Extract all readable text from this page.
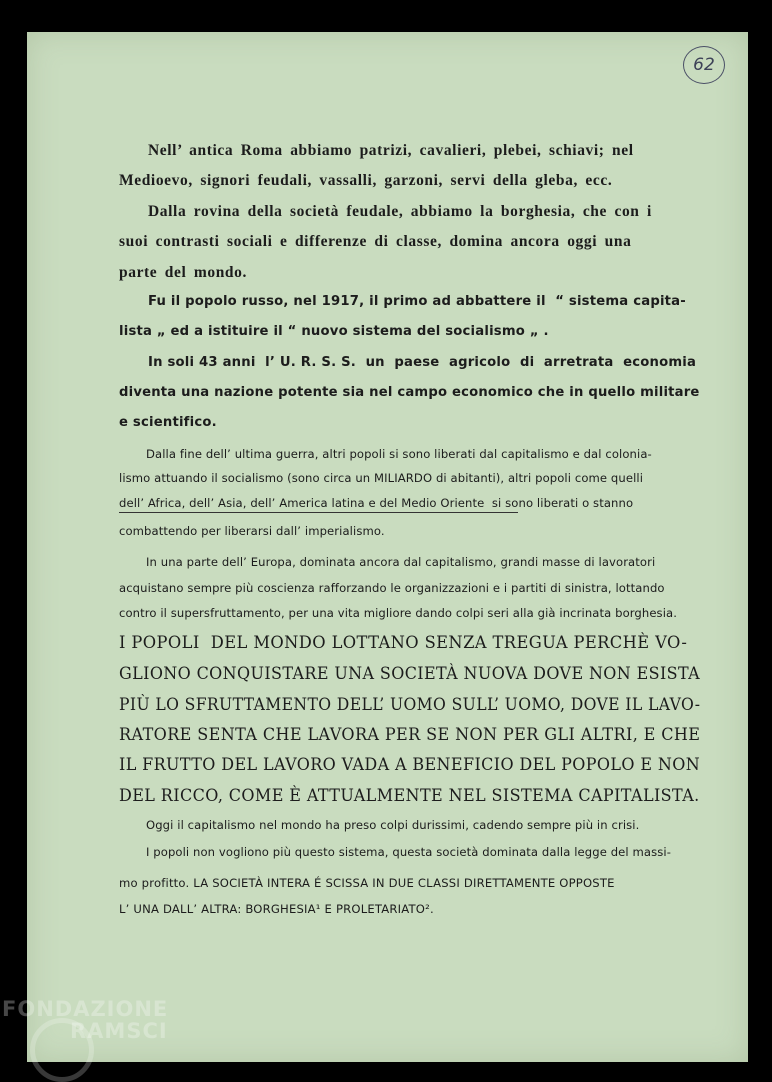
62
Nell’ antica Roma abbiamo patrizi, cavalieri, plebei, schiavi; nel
Medioevo, signori feudali, vassalli, garzoni, servi della gleba, ecc.
Dalla rovina della società feudale, abbiamo la borghesia, che con i
suoi contrasti sociali e differenze di classe, domina ancora oggi una
parte del mondo.
Fu il popolo russo, nel 1917, il primo ad abbattere il  “ sistema capita-
lista „ ed a istituire il “ nuovo sistema del socialismo „ .
In soli 43 anni  l’ U. R. S. S.  un  paese  agricolo  di  arretrata  economia
diventa una nazione potente sia nel campo economico che in quello militare
e scientifico.
Dalla fine dell’ ultima guerra, altri popoli si sono liberati dal capitalismo e dal colonia-
lismo attuando il socialismo (sono circa un MILIARDO di abitanti), altri popoli come quelli
dell’ Africa, dell’ Asia, dell’ America latina e del Medio Oriente  si sono liberati o stanno
combattendo per liberarsi dall’ imperialismo.
In una parte dell’ Europa, dominata ancora dal capitalismo, grandi masse di lavoratori
acquistano sempre più coscienza rafforzando le organizzazioni e i partiti di sinistra, lottando
contro il supersfruttamento, per una vita migliore dando colpi seri alla già incrinata borghesia.
I POPOLI  DEL MONDO LOTTANO SENZA TREGUA PERCHÈ VO-
GLIONO CONQUISTARE UNA SOCIETÀ NUOVA DOVE NON ESISTA
PIÙ LO SFRUTTAMENTO DELL’ UOMO SULL’ UOMO, DOVE IL LAVO-
RATORE SENTA CHE LAVORA PER SE NON PER GLI ALTRI, E CHE
IL FRUTTO DEL LAVORO VADA A BENEFICIO DEL POPOLO E NON
DEL RICCO, COME È ATTUALMENTE NEL SISTEMA CAPITALISTA.
Oggi il capitalismo nel mondo ha preso colpi durissimi, cadendo sempre più in crisi.
I popoli non vogliono più questo sistema, questa società dominata dalla legge del massi-
mo profitto. LA SOCIETÀ INTERA É SCISSA IN DUE CLASSI DIRETTAMENTE OPPOSTE
L’ UNA DALL’ ALTRA: BORGHESIA¹ E PROLETARIATO².
FONDAZIONE
RAMSCI
